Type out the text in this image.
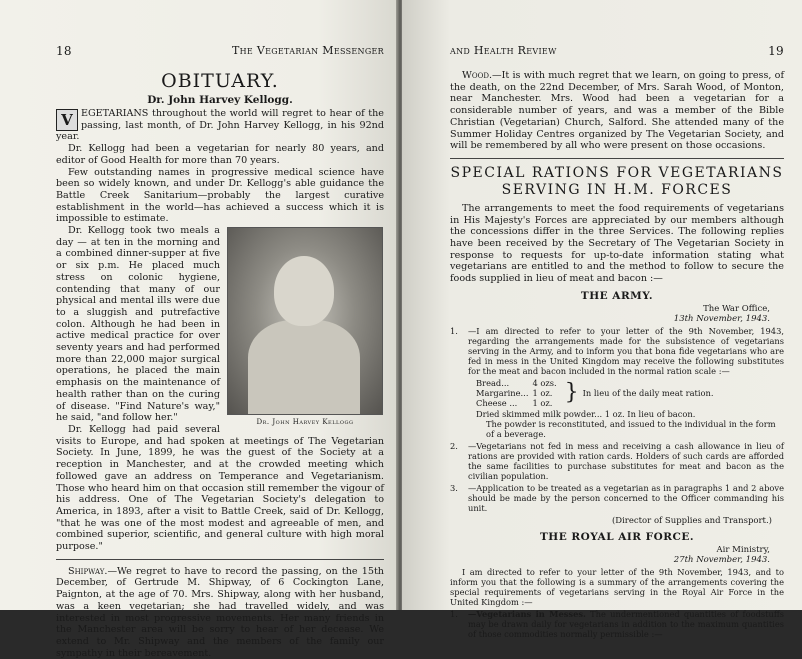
18	The Vegetarian Messenger
OBITUARY.
Dr. John Harvey Kellogg.

V EGETARIANS throughout the world will regret to hear of the passing, last month, of Dr. John Harvey Kellogg, in his 92nd year.

Dr. Kellogg had been a vegetarian for nearly 80 years, and editor of Good Health for more than 70 years.

Few outstanding names in progressive medical science have been so widely known, and under Dr. Kellogg's able guidance the Battle Creek Sanitarium—probably the largest curative establishment in the world—has achieved a success which it is impossible to estimate.

Dr. John Harvey Kellogg

Dr. Kellogg took two meals a day — at ten in the morning and a combined dinner-supper at five or six p.m. He placed much stress on colonic hygiene, contending that many of our physical and mental ills were due to a sluggish and putrefactive colon. Although he had been in active medical practice for over seventy years and had performed more than 22,000 major surgical operations, he placed the main emphasis on the maintenance of health rather than on the curing of disease. "Find Nature's way," he said, "and follow her."

Dr. Kellogg had paid several visits to Europe, and had spoken at meetings of The Vegetarian Society. In June, 1899, he was the guest of the Society at a reception in Manchester, and at the crowded meeting which followed gave an address on Temperance and Vegetarianism. Those who heard him on that occasion still remember the vigour of his address. One of The Vegetarian Society's delegation to America, in 1893, after a visit to Battle Creek, said of Dr. Kellogg, "that he was one of the most modest and agreeable of men, and combined superior, scientific, and general culture with high moral purpose."

Shipway.—We regret to have to record the passing, on the 15th December, of Gertrude M. Shipway, of 6 Cockington Lane, Paignton, at the age of 70. Mrs. Shipway, along with her husband, was a keen vegetarian; she had travelled widely, and was interested in most progressive movements. Her many friends in the Manchester area will be sorry to hear of her decease. We extend to Mr. Shipway and the members of the family our sympathy in their bereavement.

and Health Review	19

Wood.—It is with much regret that we learn, on going to press, of the death, on the 22nd December, of Mrs. Sarah Wood, of Monton, near Manchester. Mrs. Wood had been a vegetarian for a considerable number of years, and was a member of the Bible Christian (Vegetarian) Church, Salford. She attended many of the Summer Holiday Centres organized by The Vegetarian Society, and will be remembered by all who were present on those occasions.

SPECIAL RATIONS FOR VEGETARIANS SERVING IN H.M. FORCES

The arrangements to meet the food requirements of vegetarians in His Majesty's Forces are appreciated by our members although the concessions differ in the three Services. The following replies have been received by the Secretary of The Vegetarian Society in response to requests for up-to-date information stating what vegetarians are entitled to and the method to follow to secure the foods supplied in lieu of meat and bacon :—

THE ARMY.
The War Office,
13th November, 1943.
1.	—I am directed to refer to your letter of the 9th November, 1943, regarding the arrangements made for the subsistence of vegetarians serving in the Army, and to inform you that bona fide vegetarians who are fed in mess in the United Kingdom may receive the following substitutes for the meat and bacon included in the normal ration scale :—
Bread...	4 ozs.
Margarine...	1 oz.
Cheese ...	1 oz. } In lieu of the daily meat ration.
Dried skimmed milk powder... 1 oz. In lieu of bacon.
The powder is reconstituted, and issued to the individual in the form of a beverage.
2.	—Vegetarians not fed in mess and receiving a cash allowance in lieu of rations are provided with ration cards. Holders of such cards are afforded the same facilities to purchase substitutes for meat and bacon as the civilian population.
3.	—Application to be treated as a vegetarian as in paragraphs 1 and 2 above should be made by the person concerned to the Officer commanding his unit.
(Director of Supplies and Transport.)
THE ROYAL AIR FORCE.
Air Ministry,
27th November, 1943.
I am directed to refer to your letter of the 9th November, 1943, and to inform you that the following is a summary of the arrangements covering the special requirements of vegetarians serving in the Royal Air Force in the United Kingdom :—
1.	—Vegetarians in Messes. The undermentioned quantities of foodstuffs may be drawn daily for vegetarians in addition to the maximum quantities of those commodities normally permissible :—
